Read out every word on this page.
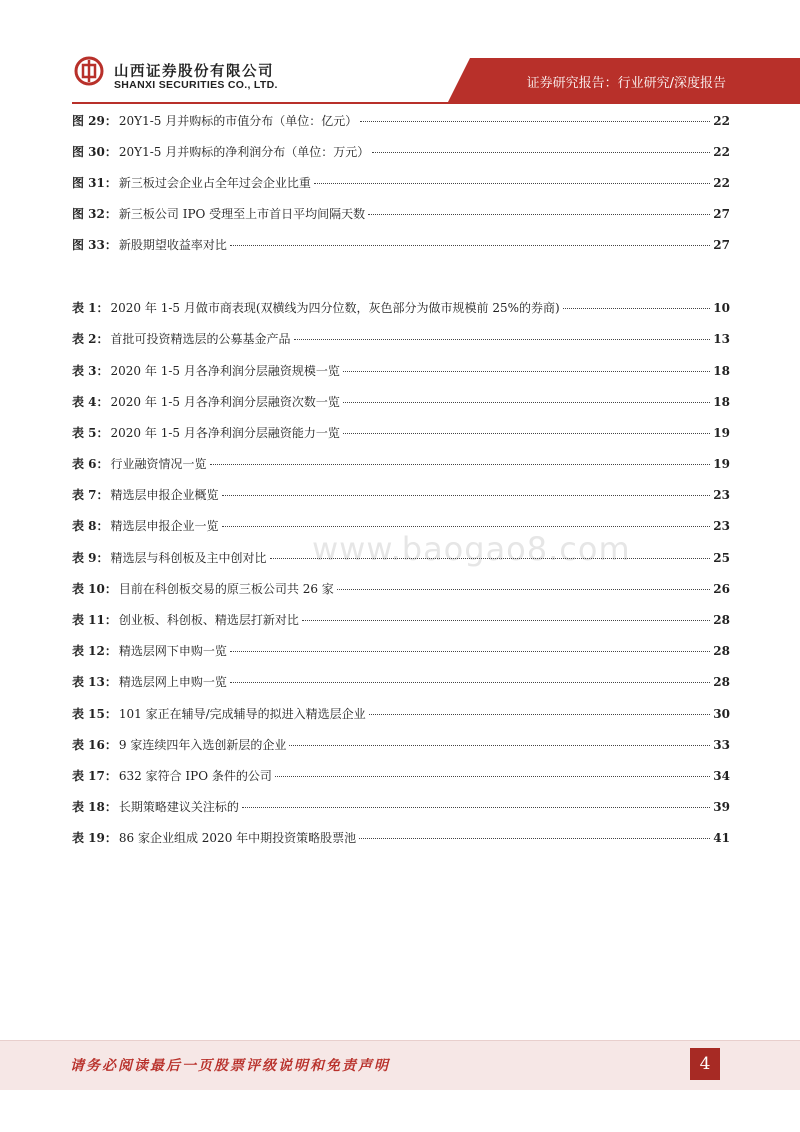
山西证券股份有限公司
SHANXI SECURITIES CO., LTD.	证券研究报告：行业研究/深度报告
www.baogao8.com
图 29： 20Y1-5 月并购标的市值分布（单位：亿元）	22
图 30： 20Y1-5 月并购标的净利润分布（单位：万元）	22
图 31： 新三板过会企业占全年过会企业比重	22
图 32： 新三板公司 IPO 受理至上市首日平均间隔天数	27
图 33： 新股期望收益率对比	27
表 1： 2020 年 1-5 月做市商表现(双横线为四分位数，灰色部分为做市规模前 25%的券商)	10
表 2： 首批可投资精选层的公募基金产品	13
表 3： 2020 年 1-5 月各净利润分层融资规模一览	18
表 4： 2020 年 1-5 月各净利润分层融资次数一览	18
表 5： 2020 年 1-5 月各净利润分层融资能力一览	19
表 6： 行业融资情况一览	19
表 7： 精选层申报企业概览	23
表 8： 精选层申报企业一览	23
表 9： 精选层与科创板及主中创对比	25
表 10： 目前在科创板交易的原三板公司共 26 家	26
表 11： 创业板、科创板、精选层打新对比	28
表 12： 精选层网下申购一览	28
表 13： 精选层网上申购一览	28
表 15： 101 家正在辅导/完成辅导的拟进入精选层企业	30
表 16： 9 家连续四年入选创新层的企业	33
表 17： 632 家符合 IPO 条件的公司	34
表 18： 长期策略建议关注标的	39
表 19： 86 家企业组成 2020 年中期投资策略股票池	41
请务必阅读最后一页股票评级说明和免责声明	4
